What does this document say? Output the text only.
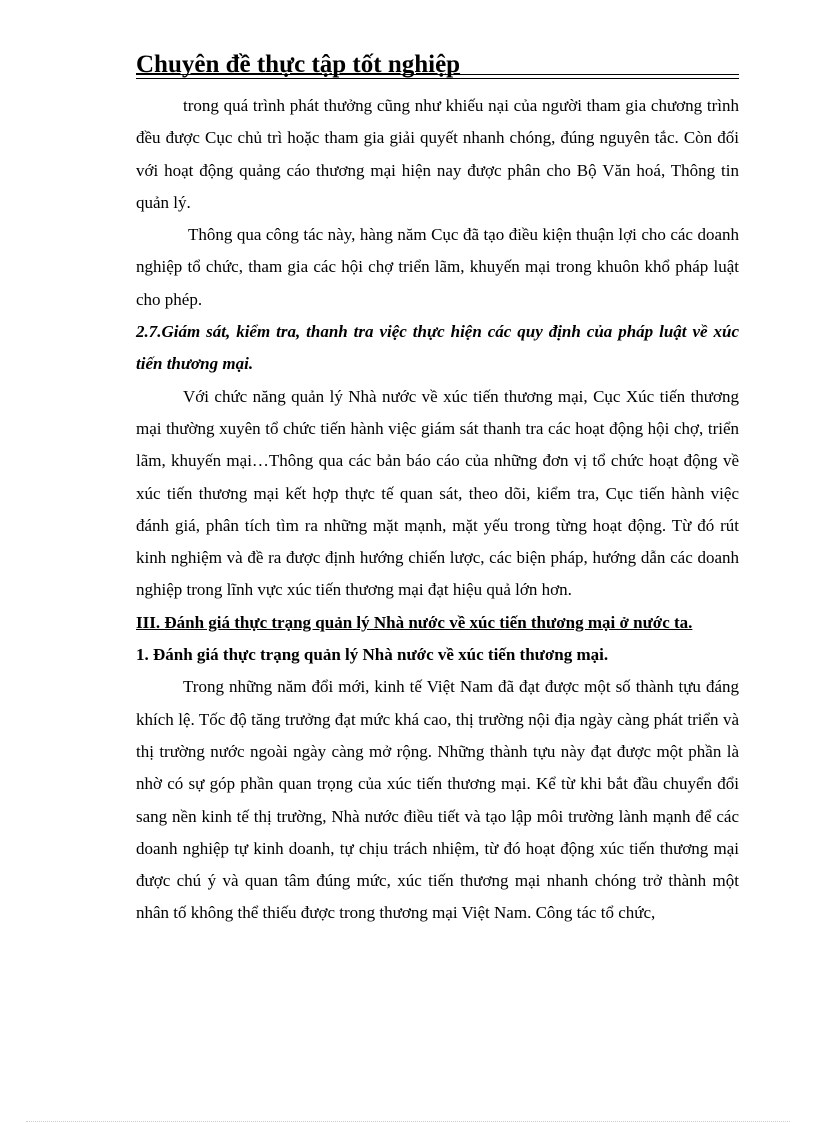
Chuyên đề thực tập tốt nghiệp

trong quá trình phát thưởng cũng như khiếu nại của người tham gia chương trình đều được Cục chủ trì hoặc tham gia giải quyết nhanh chóng, đúng nguyên tắc. Còn đối với hoạt động quảng cáo thương mại hiện nay được phân cho Bộ Văn hoá, Thông tin quản lý.

Thông qua công tác này, hàng năm Cục đã tạo điều kiện thuận lợi cho các doanh nghiệp tổ chức, tham gia các hội chợ triển lãm, khuyến mại trong khuôn khổ pháp luật cho phép.

2.7.Giám sát, kiểm tra, thanh tra việc thực hiện các quy định của pháp luật về xúc tiến thương mại.

Với chức năng quản lý Nhà nước về xúc tiến thương mại, Cục Xúc tiến thương mại thường xuyên tổ chức tiến hành việc giám sát thanh tra các hoạt động hội chợ, triển lãm, khuyến mại…Thông qua các bản báo cáo của những đơn vị tổ chức hoạt động về xúc tiến thương mại kết hợp thực tế quan sát, theo dõi, kiểm tra, Cục tiến hành việc đánh giá, phân tích tìm ra những mặt mạnh, mặt yếu trong từng hoạt động. Từ đó rút kinh nghiệm và đề ra được định hướng chiến lược, các biện pháp, hướng dẫn các doanh nghiệp trong lĩnh vực xúc tiến thương mại đạt hiệu quả lớn hơn.

III. Đánh giá thực trạng quản lý Nhà nước về xúc tiến thương mại ở nước ta.

1. Đánh giá thực trạng quản lý Nhà nước về xúc tiến thương mại.

Trong những năm đổi mới, kinh tế Việt Nam đã đạt được một số thành tựu đáng khích lệ. Tốc độ tăng trưởng đạt mức khá cao, thị trường nội địa ngày càng phát triển và thị trường nước ngoài ngày càng mở rộng. Những thành tựu này đạt được một phần là nhờ có sự góp phần quan trọng của xúc tiến thương mại. Kể từ khi bắt đầu chuyển đổi sang nền kinh tế thị trường, Nhà nước điều tiết và tạo lập môi trường lành mạnh để các doanh nghiệp tự kinh doanh, tự chịu trách nhiệm, từ đó hoạt động xúc tiến thương mại được chú ý và quan tâm đúng mức, xúc tiến thương mại nhanh chóng trở thành một nhân tố không thể thiếu được trong thương mại Việt Nam. Công tác tổ chức,
